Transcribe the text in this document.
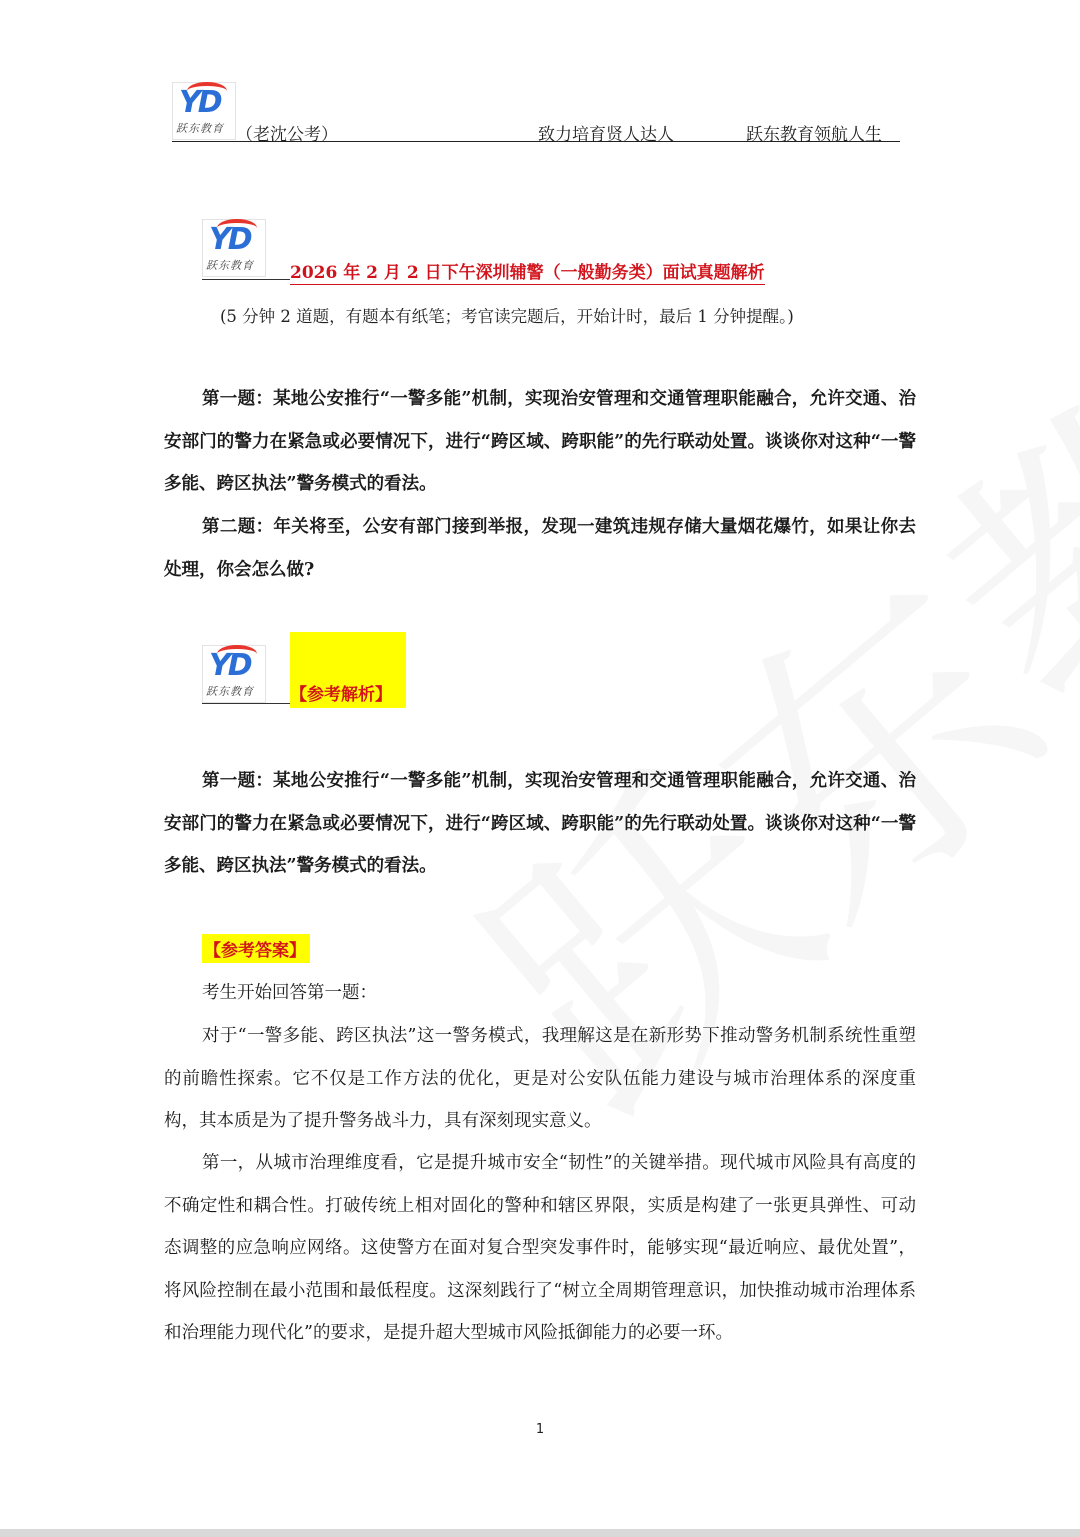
YD
跃东教育 （老沈公考）	致力培育贤人达人	跃东教育领航人生
YD
跃东教育 2026 年 2 月 2 日下午深圳辅警（一般勤务类）面试真题解析
(5 分钟 2 道题，有题本有纸笔；考官读完题后，开始计时，最后 1 分钟提醒。)

第一题：某地公安推行“一警多能”机制，实现治安管理和交通管理职能融合，允许交通、治安部门的警力在紧急或必要情况下，进行“跨区域、跨职能”的先行联动处置。谈谈你对这种“一警多能、跨区执法”警务模式的看法。

第二题：年关将至，公安有部门接到举报，发现一建筑违规存储大量烟花爆竹，如果让你去处理，你会怎么做?

YD
跃东教育 【参考解析】

第一题：某地公安推行“一警多能”机制，实现治安管理和交通管理职能融合，允许交通、治安部门的警力在紧急或必要情况下，进行“跨区域、跨职能”的先行联动处置。谈谈你对这种“一警多能、跨区执法”警务模式的看法。

【参考答案】

考生开始回答第一题：

对于“一警多能、跨区执法”这一警务模式，我理解这是在新形势下推动警务机制系统性重塑的前瞻性探索。它不仅是工作方法的优化，更是对公安队伍能力建设与城市治理体系的深度重构，其本质是为了提升警务战斗力，具有深刻现实意义。

第一，从城市治理维度看，它是提升城市安全“韧性”的关键举措。现代城市风险具有高度的不确定性和耦合性。打破传统上相对固化的警种和辖区界限，实质是构建了一张更具弹性、可动态调整的应急响应网络。这使警方在面对复合型突发事件时，能够实现“最近响应、最优处置”，将风险控制在最小范围和最低程度。这深刻践行了“树立全周期管理意识，加快推动城市治理体系和治理能力现代化”的要求，是提升超大型城市风险抵御能力的必要一环。

1
